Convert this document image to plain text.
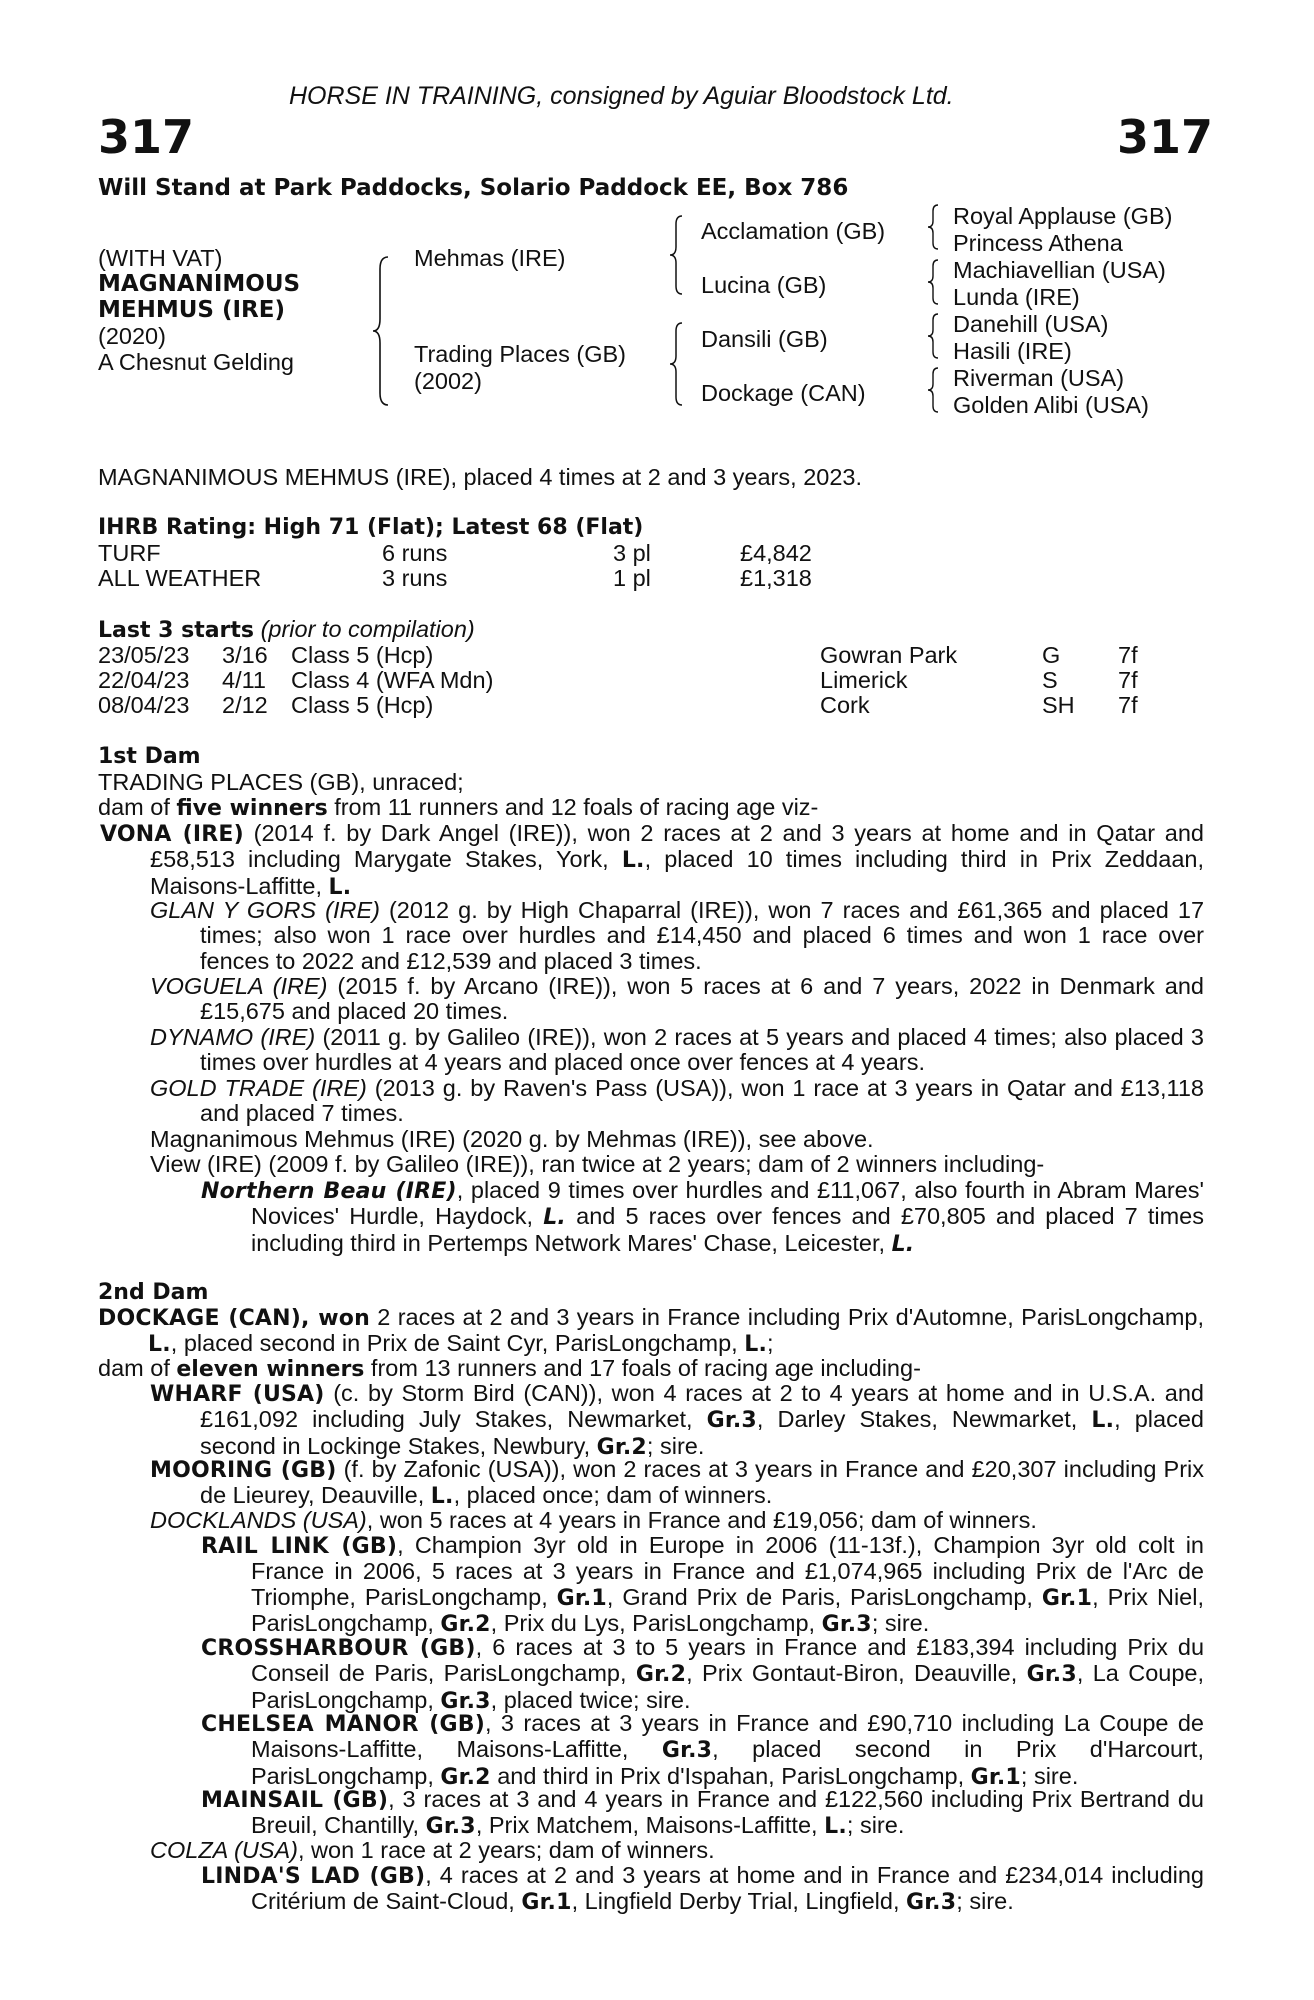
HORSE IN TRAINING, consigned by Aguiar Bloodstock Ltd.
317	317
Will Stand at Park Paddocks, Solario Paddock EE, Box 786
(WITH VAT)
MAGNANIMOUS
MEHMUS (IRE)
(2020)
A Chesnut Gelding
Mehmas (IRE)
Trading Places (GB)
(2002)
Acclamation (GB)
Lucina (GB)
Dansili (GB)
Dockage (CAN)
Royal Applause (GB)
Princess Athena
Machiavellian (USA)
Lunda (IRE)
Danehill (USA)
Hasili (IRE)
Riverman (USA)
Golden Alibi (USA)
MAGNANIMOUS MEHMUS (IRE), placed 4 times at 2 and 3 years, 2023.
IHRB Rating: High 71 (Flat); Latest 68 (Flat)
TURF	6 runs	3 pl	£4,842
ALL WEATHER	3 runs	1 pl	£1,318
Last 3 starts (prior to compilation)
23/05/23 3/16 Class 5 (Hcp)	Gowran Park	G 7f
22/04/23 4/11 Class 4 (WFA Mdn)	Limerick	S	7f
08/04/23 2/12 Class 5 (Hcp)	Cork	SH 7f
1st Dam
TRADING PLACES (GB), unraced;
dam of five winners from 11 runners and 12 foals of racing age viz-
VONA (IRE) (2014 f. by Dark Angel (IRE)), won 2 races at 2 and 3 years at home and in Qatar and £58,513 including Marygate Stakes, York, L., placed 10 times including third in Prix Zeddaan, Maisons-Laffitte, L.
GLAN Y GORS (IRE) (2012 g. by High Chaparral (IRE)), won 7 races and £61,365 and placed 17 times; also won 1 race over hurdles and £14,450 and placed 6 times and won 1 race over fences to 2022 and £12,539 and placed 3 times.
VOGUELA (IRE) (2015 f. by Arcano (IRE)), won 5 races at 6 and 7 years, 2022 in Denmark and £15,675 and placed 20 times.
DYNAMO (IRE) (2011 g. by Galileo (IRE)), won 2 races at 5 years and placed 4 times; also placed 3 times over hurdles at 4 years and placed once over fences at 4 years.
GOLD TRADE (IRE) (2013 g. by Raven's Pass (USA)), won 1 race at 3 years in Qatar and £13,118 and placed 7 times.
Magnanimous Mehmus (IRE) (2020 g. by Mehmas (IRE)), see above.
View (IRE) (2009 f. by Galileo (IRE)), ran twice at 2 years; dam of 2 winners including-
Northern Beau (IRE), placed 9 times over hurdles and £11,067, also fourth in Abram Mares' Novices' Hurdle, Haydock, L. and 5 races over fences and £70,805 and placed 7 times including third in Pertemps Network Mares' Chase, Leicester, L.
2nd Dam
DOCKAGE (CAN), won 2 races at 2 and 3 years in France including Prix d'Automne, ParisLongchamp, L., placed second in Prix de Saint Cyr, ParisLongchamp, L.;
dam of eleven winners from 13 runners and 17 foals of racing age including-
WHARF (USA) (c. by Storm Bird (CAN)), won 4 races at 2 to 4 years at home and in U.S.A. and £161,092 including July Stakes, Newmarket, Gr.3, Darley Stakes, Newmarket, L., placed second in Lockinge Stakes, Newbury, Gr.2; sire.
MOORING (GB) (f. by Zafonic (USA)), won 2 races at 3 years in France and £20,307 including Prix de Lieurey, Deauville, L., placed once; dam of winners.
DOCKLANDS (USA), won 5 races at 4 years in France and £19,056; dam of winners.
RAIL LINK (GB), Champion 3yr old in Europe in 2006 (11-13f.), Champion 3yr old colt in France in 2006, 5 races at 3 years in France and £1,074,965 including Prix de l'Arc de Triomphe, ParisLongchamp, Gr.1, Grand Prix de Paris, ParisLongchamp, Gr.1, Prix Niel, ParisLongchamp, Gr.2, Prix du Lys, ParisLongchamp, Gr.3; sire.
CROSSHARBOUR (GB), 6 races at 3 to 5 years in France and £183,394 including Prix du Conseil de Paris, ParisLongchamp, Gr.2, Prix Gontaut-Biron, Deauville, Gr.3, La Coupe, ParisLongchamp, Gr.3, placed twice; sire.
CHELSEA MANOR (GB), 3 races at 3 years in France and £90,710 including La Coupe de Maisons-Laffitte, Maisons-Laffitte, Gr.3, placed second in Prix d'Harcourt, ParisLongchamp, Gr.2 and third in Prix d'Ispahan, ParisLongchamp, Gr.1; sire.
MAINSAIL (GB), 3 races at 3 and 4 years in France and £122,560 including Prix Bertrand du Breuil, Chantilly, Gr.3, Prix Matchem, Maisons-Laffitte, L.; sire.
COLZA (USA), won 1 race at 2 years; dam of winners.
LINDA'S LAD (GB), 4 races at 2 and 3 years at home and in France and £234,014 including Critérium de Saint-Cloud, Gr.1, Lingfield Derby Trial, Lingfield, Gr.3; sire.
